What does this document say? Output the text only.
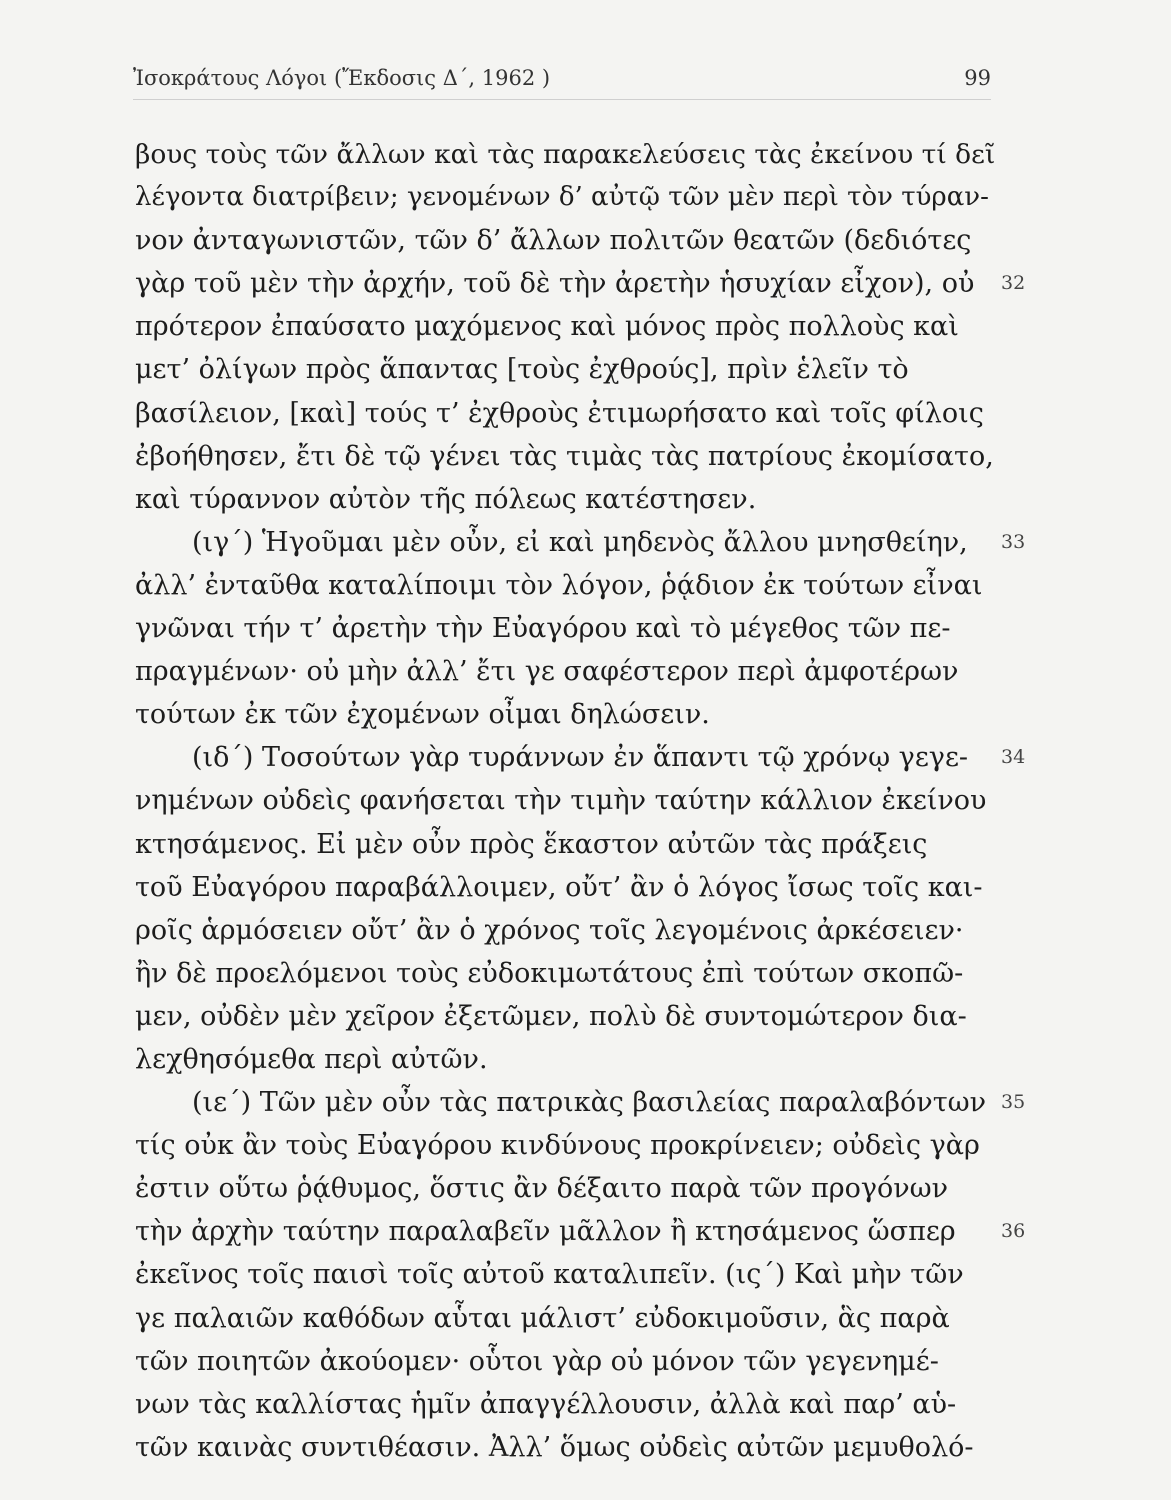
Ἰσοκράτους Λόγοι (Ἔκδοσις Δ΄, 1962 )	99
βους τοὺς τῶν ἄλλων καὶ τὰς παρακελεύσεις τὰς ἐκείνου τί δεῖ
λέγοντα διατρίβειν; γενομένων δ’ αὐτῷ τῶν μὲν περὶ τὸν τύραν-
νον ἀνταγωνιστῶν, τῶν δ’ ἄλλων πολιτῶν θεατῶν (δεδιότες
γὰρ τοῦ μὲν τὴν ἀρχήν, τοῦ δὲ τὴν ἀρετὴν ἡσυχίαν εἶχον), οὐ
πρότερον ἐπαύσατο μαχόμενος καὶ μόνος πρὸς πολλοὺς καὶ
μετ’ ὀλίγων πρὸς ἅπαντας [τοὺς ἐχθρούς], πρὶν ἑλεῖν τὸ
βασίλειον, [καὶ] τούς τ’ ἐχθροὺς ἐτιμωρήσατο καὶ τοῖς φίλοις
ἐβοήθησεν, ἔτι δὲ τῷ γένει τὰς τιμὰς τὰς πατρίους ἐκομίσατο,
καὶ τύραννον αὐτὸν τῆς πόλεως κατέστησεν.
(ιγ΄) Ἡγοῦμαι μὲν οὖν, εἰ καὶ μηδενὸς ἄλλου μνησθείην,
ἀλλ’ ἐνταῦθα καταλίποιμι τὸν λόγον, ῥᾴδιον ἐκ τούτων εἶναι
γνῶναι τήν τ’ ἀρετὴν τὴν Εὐαγόρου καὶ τὸ μέγεθος τῶν πε-
πραγμένων· οὐ μὴν ἀλλ’ ἔτι γε σαφέστερον περὶ ἀμφοτέρων
τούτων ἐκ τῶν ἐχομένων οἶμαι δηλώσειν.
(ιδ΄) Τοσούτων γὰρ τυράννων ἐν ἅπαντι τῷ χρόνῳ γεγε-
νημένων οὐδεὶς φανήσεται τὴν τιμὴν ταύτην κάλλιον ἐκείνου
κτησάμενος. Εἰ μὲν οὖν πρὸς ἕκαστον αὐτῶν τὰς πράξεις
τοῦ Εὐαγόρου παραβάλλοιμεν, οὔτ’ ἂν ὁ λόγος ἴσως τοῖς και-
ροῖς ἁρμόσειεν οὔτ’ ἂν ὁ χρόνος τοῖς λεγομένοις ἀρκέσειεν·
ἢν δὲ προελόμενοι τοὺς εὐδοκιμωτάτους ἐπὶ τούτων σκοπῶ-
μεν, οὐδὲν μὲν χεῖρον ἐξετῶμεν, πολὺ δὲ συντομώτερον δια-
λεχθησόμεθα περὶ αὐτῶν.
(ιε΄) Τῶν μὲν οὖν τὰς πατρικὰς βασιλείας παραλαβόντων
τίς οὐκ ἂν τοὺς Εὐαγόρου κινδύνους προκρίνειεν; οὐδεὶς γὰρ
ἐστιν οὕτω ῥᾴθυμος, ὅστις ἂν δέξαιτο παρὰ τῶν προγόνων
τὴν ἀρχὴν ταύτην παραλαβεῖν μᾶλλον ἢ κτησάμενος ὥσπερ
ἐκεῖνος τοῖς παισὶ τοῖς αὐτοῦ καταλιπεῖν. (ις΄) Καὶ μὴν τῶν
γε παλαιῶν καθόδων αὗται μάλιστ’ εὐδοκιμοῦσιν, ἃς παρὰ
τῶν ποιητῶν ἀκούομεν· οὗτοι γὰρ οὐ μόνον τῶν γεγενημέ-
νων τὰς καλλίστας ἡμῖν ἀπαγγέλλουσιν, ἀλλὰ καὶ παρ’ αὑ-
τῶν καινὰς συντιθέασιν. Ἀλλ’ ὅμως οὐδεὶς αὐτῶν μεμυθολό-
32
33
34
35
36
